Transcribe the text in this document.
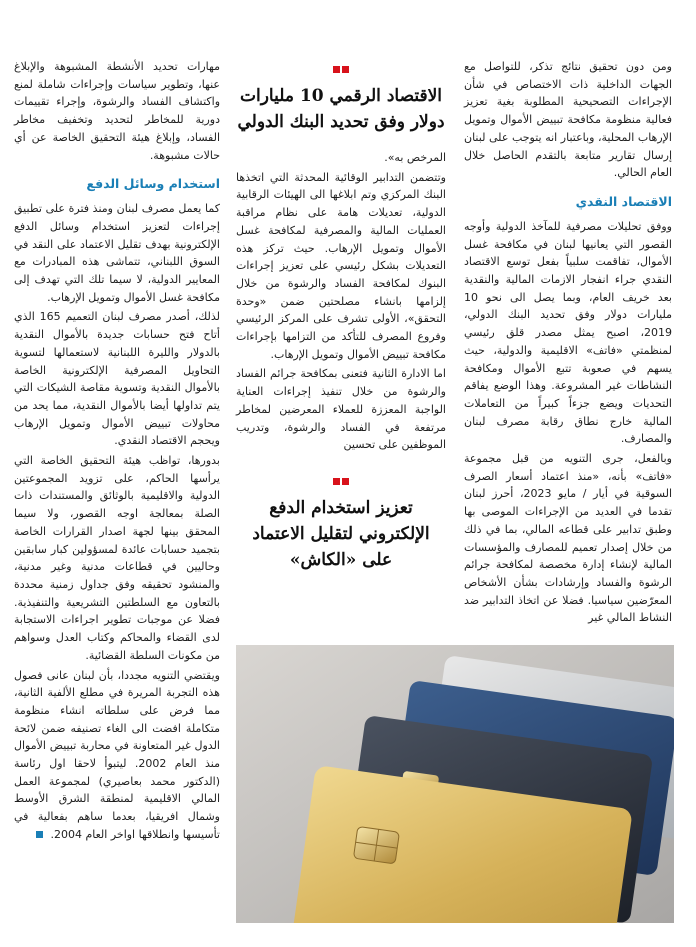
ومن دون تحقيق نتائج تذكر، للتواصل مع الجهات الداخلية ذات الاختصاص في شأن الإجراءات التصحيحية المطلوبة بغية تعزيز فعالية منظومة مكافحة تبييض الأموال وتمويل الإرهاب المحلية، وباعتبار انه يتوجب على لبنان إرسال تقارير متابعة بالتقدم الحاصل خلال العام الحالي.

الاقتصاد النقدي

ووفق تحليلات مصرفية للمآخذ الدولية وأوجه القصور التي يعانيها لبنان في مكافحة غسل الأموال، تفاقمت سلبياً بفعل توسع الاقتصاد النقدي جراء انفجار الازمات المالية والنقدية بعد خريف العام، وبما يصل الى نحو 10 مليارات دولار وفق تحديد البنك الدولي، 2019، اصبح يمثل مصدر قلق رئيسي لمنظمتي «فاتف» الاقليمية والدولية، حيث يسهم في صعوبة تتبع الأموال ومكافحة النشاطات غير المشروعة. وهذا الوضع يفاقم التحديات ويضع جزءاً كبيراً من التعاملات المالية خارج نطاق رقابة مصرف لبنان والمصارف.

وبالفعل، جرى التنويه من قبل مجموعة «فاتف» بأنه، «منذ اعتماد أسعار الصرف السوقية في أيار / مايو 2023، أحرز لبنان تقدما في العديد من الإجراءات الموصى بها وطبق تدابير على قطاعه المالي، بما في ذلك من خلال إصدار تعميم للمصارف والمؤسسات المالية لإنشاء إدارة مخصصة لمكافحة جرائم الرشوة والفساد وإرشادات بشأن الأشخاص المعرّضين سياسيا. فضلا عن اتخاذ التدابير ضد النشاط المالي غير

الاقتصاد الرقمي 10 مليارات دولار وفق تحديد البنك الدولي

المرخص به».

وتتضمن التدابير الوقائية المحدثة التي اتخذها البنك المركزي وتم ابلاغها الى الهيئات الرقابية الدولية، تعديلات هامة على نظام مراقبة العمليات المالية والمصرفية لمكافحة غسل الأموال وتمويل الإرهاب. حيث تركز هذه التعديلات بشكل رئيسي على تعزيز إجراءات البنوك لمكافحة الفساد والرشوة من خلال إلزامها بانشاء مصلحتين ضمن «وحدة التحقق»، الأولى تشرف على المركز الرئيسي وفروع المصرف للتأكد من التزامها بإجراءات مكافحة تبييض الأموال وتمويل الإرهاب.

اما الادارة الثانية فتعنى بمكافحة جرائم الفساد والرشوة من خلال تنفيذ إجراءات العناية الواجبة المعززة للعملاء المعرضين لمخاطر مرتفعة في الفساد والرشوة، وتدريب الموظفين على تحسين

تعزيز استخدام الدفع الإلكتروني لتقليل الاعتماد على «الكاش»

مهارات تحديد الأنشطة المشبوهة والإبلاغ عنها، وتطوير سياسات وإجراءات شاملة لمنع واكتشاف الفساد والرشوة، وإجراء تقييمات دورية للمخاطر لتحديد وتخفيف مخاطر الفساد، وإبلاغ هيئة التحقيق الخاصة عن أي حالات مشبوهة.

استخدام وسائل الدفع

كما يعمل مصرف لبنان ومنذ فترة على تطبيق إجراءات لتعزيز استخدام وسائل الدفع الإلكترونية بهدف تقليل الاعتماد على النقد في السوق اللبناني، تتماشى هذه المبادرات مع المعايير الدولية، لا سيما تلك التي تهدف إلى مكافحة غسل الأموال وتمويل الإرهاب.

لذلك، أصدر مصرف لبنان التعميم 165 الذي أتاح فتح حسابات جديدة بالأموال النقدية بالدولار والليرة اللبنانية لاستعمالها لتسوية التحاويل المصرفية الإلكترونية الخاصة بالأموال النقدية وتسوية مقاصة الشيكات التي يتم تداولها أيضا بالأموال النقدية، مما يحد من محاولات تبييض الأموال وتمويل الإرهاب ويحجم الاقتصاد النقدي.

بدورها، تواظب هيئة التحقيق الخاصة التي يرأسها الحاكم، على تزويد المجموعتين الدولية والاقليمية بالوثائق والمستندات ذات الصلة بمعالجة اوجه القصور، ولا سيما المحقق بينها لجهة اصدار القرارات الخاصة بتجميد حسابات عائدة لمسؤولين كبار سابقين وحاليين في قطاعات مدنية وغير مدنية، والمنشود تحقيقه وفق جداول زمنية محددة بالتعاون مع السلطتين التشريعية والتنفيذية. فضلا عن موجبات تطوير اجراءات الاستجابة لدى القضاء والمحاكم وكتاب العدل وسواهم من مكونات السلطة القضائية.

ويقتضي التنويه مجددا، بأن لبنان عانى فصول هذه التجربة المريرة في مطلع الألفية الثانية، مما فرض على سلطاته انشاء منظومة متكاملة افضت الى الغاء تصنيفه ضمن لائحة الدول غير المتعاونة في محاربة تبييض الأموال منذ العام 2002. ليتبوأ لاحقا اول رئاسة (الدكتور محمد بعاصيري) لمجموعة العمل المالي الاقليمية لمنطقة الشرق الأوسط وشمال افريقيا، بعدما ساهم بفعالية في تأسيسها وانطلاقها اواخر العام 2004.
